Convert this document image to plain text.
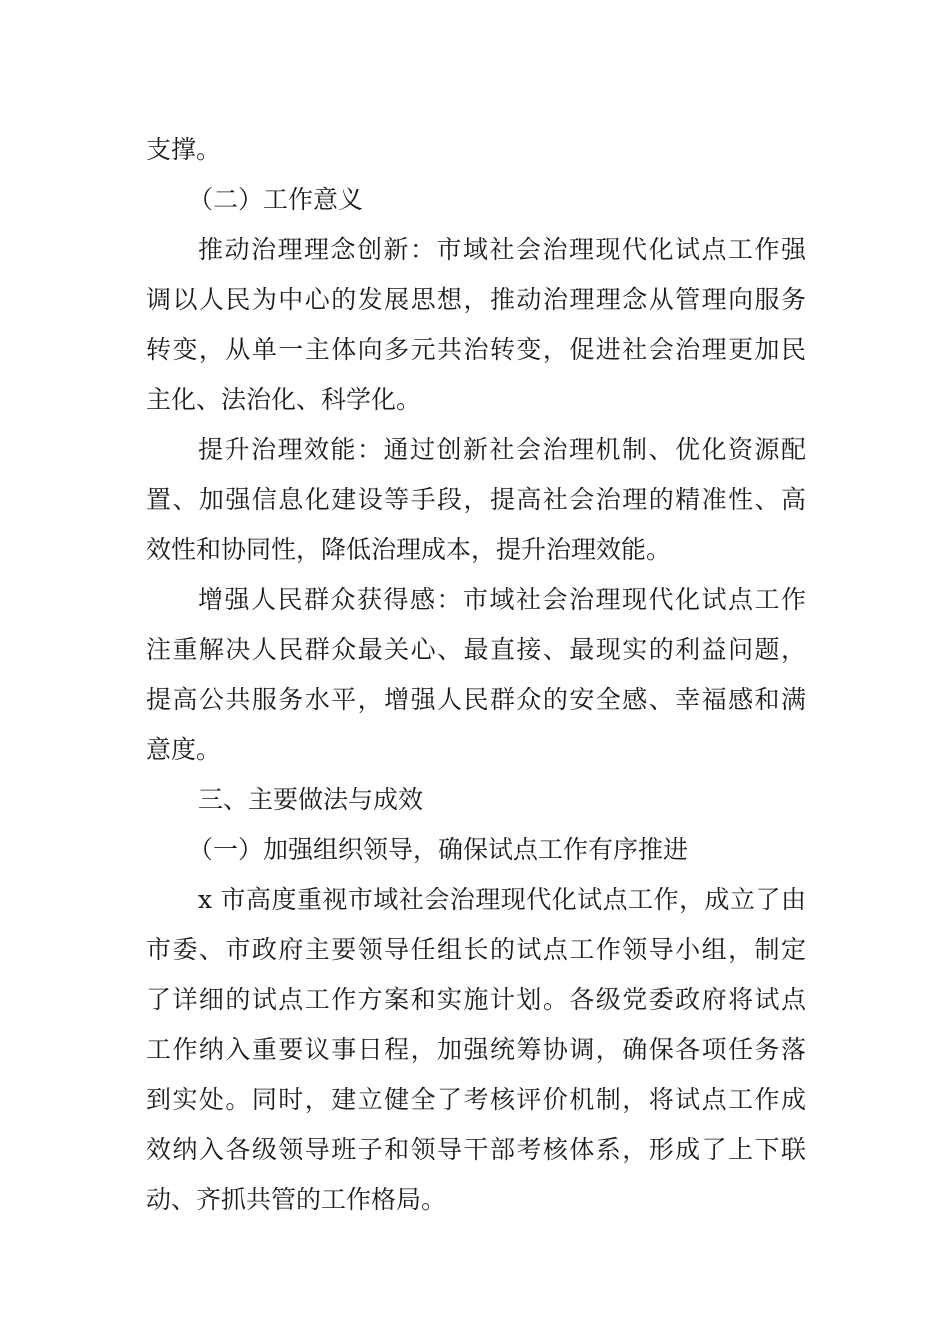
支撑。
（二）工作意义
推动治理理念创新：市域社会治理现代化试点工作强
调以人民为中心的发展思想，推动治理理念从管理向服务
转变，从单一主体向多元共治转变，促进社会治理更加民
主化、法治化、科学化。
提升治理效能：通过创新社会治理机制、优化资源配
置、加强信息化建设等手段，提高社会治理的精准性、高
效性和协同性，降低治理成本，提升治理效能。
增强人民群众获得感：市域社会治理现代化试点工作
注重解决人民群众最关心、最直接、最现实的利益问题，
提高公共服务水平，增强人民群众的安全感、幸福感和满
意度。
三、主要做法与成效
（一）加强组织领导，确保试点工作有序推进
x 市高度重视市域社会治理现代化试点工作，成立了由
市委、市政府主要领导任组长的试点工作领导小组，制定
了详细的试点工作方案和实施计划。各级党委政府将试点
工作纳入重要议事日程，加强统筹协调，确保各项任务落
到实处。同时，建立健全了考核评价机制，将试点工作成
效纳入各级领导班子和领导干部考核体系，形成了上下联
动、齐抓共管的工作格局。
